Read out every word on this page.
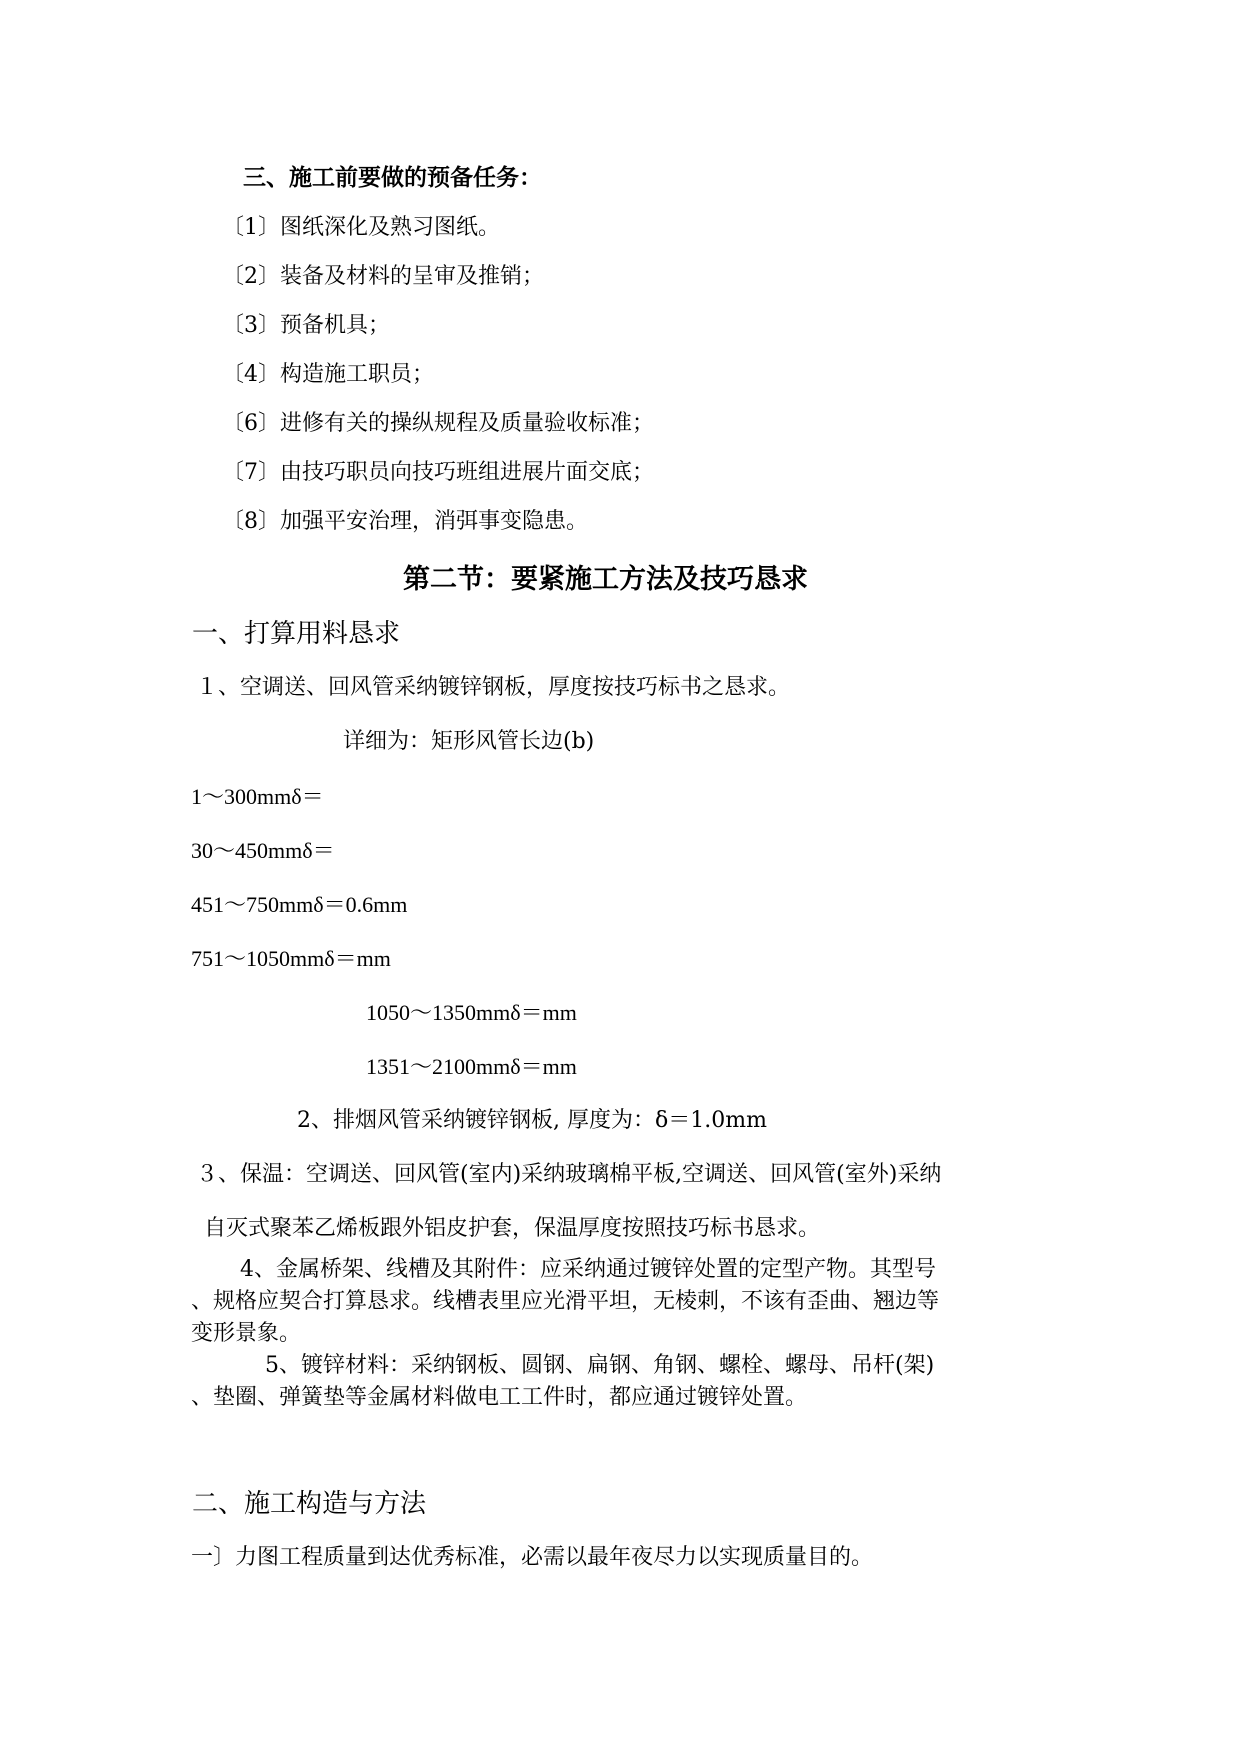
三、施工前要做的预备任务：
〔1〕图纸深化及熟习图纸。
〔2〕装备及材料的呈审及推销；
〔3〕预备机具；
〔4〕构造施工职员；
〔6〕进修有关的操纵规程及质量验收标准；
〔7〕由技巧职员向技巧班组进展片面交底；
〔8〕加强平安治理，消弭事变隐患。
第二节：要紧施工方法及技巧恳求
一、打算用料恳求
１、空调送、回风管采纳镀锌钢板，厚度按技巧标书之恳求。
详细为：矩形风管长边(b)
1～300mmδ＝
30～450mmδ＝
451～750mmδ＝0.6mm
751～1050mmδ＝mm
1050～1350mmδ＝mm
1351～2100mmδ＝mm
2、排烟风管采纳镀锌钢板, 厚度为：δ＝1.0mm
３、保温：空调送、回风管(室内)采纳玻璃棉平板,空调送、回风管(室外)采纳
自灭式聚苯乙烯板跟外铝皮护套，保温厚度按照技巧标书恳求。
4、金属桥架、线槽及其附件：应采纳通过镀锌处置的定型产物。其型号
、规格应契合打算恳求。线槽表里应光滑平坦，无棱刺，不该有歪曲、翘边等
变形景象。
5、镀锌材料：采纳钢板、圆钢、扁钢、角钢、螺栓、螺母、吊杆(架)
、垫圈、弹簧垫等金属材料做电工工件时，都应通过镀锌处置。
二、施工构造与方法
一〕力图工程质量到达优秀标准，必需以最年夜尽力以实现质量目的。
